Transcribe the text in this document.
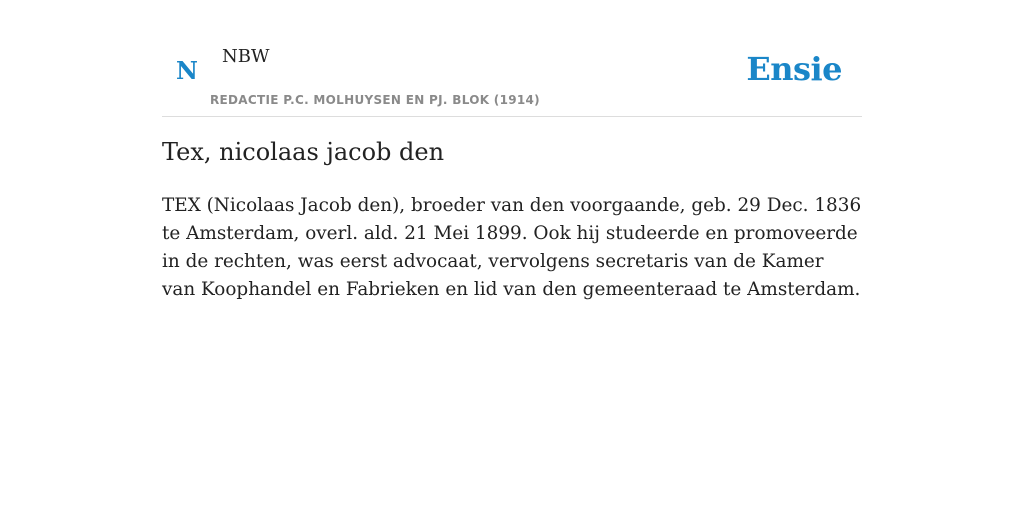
N NBW
REDACTIE P.C. MOLHUYSEN EN PJ. BLOK (1914)
Ensie
Tex, nicolaas jacob den

TEX (Nicolaas Jacob den), broeder van den voorgaande, geb. 29 Dec. 1836 te Amsterdam, overl. ald. 21 Mei 1899. Ook hij studeerde en promoveerde in de rechten, was eerst advocaat, vervolgens secretaris van de Kamer van Koophandel en Fabrieken en lid van den gemeenteraad te Amsterdam.
